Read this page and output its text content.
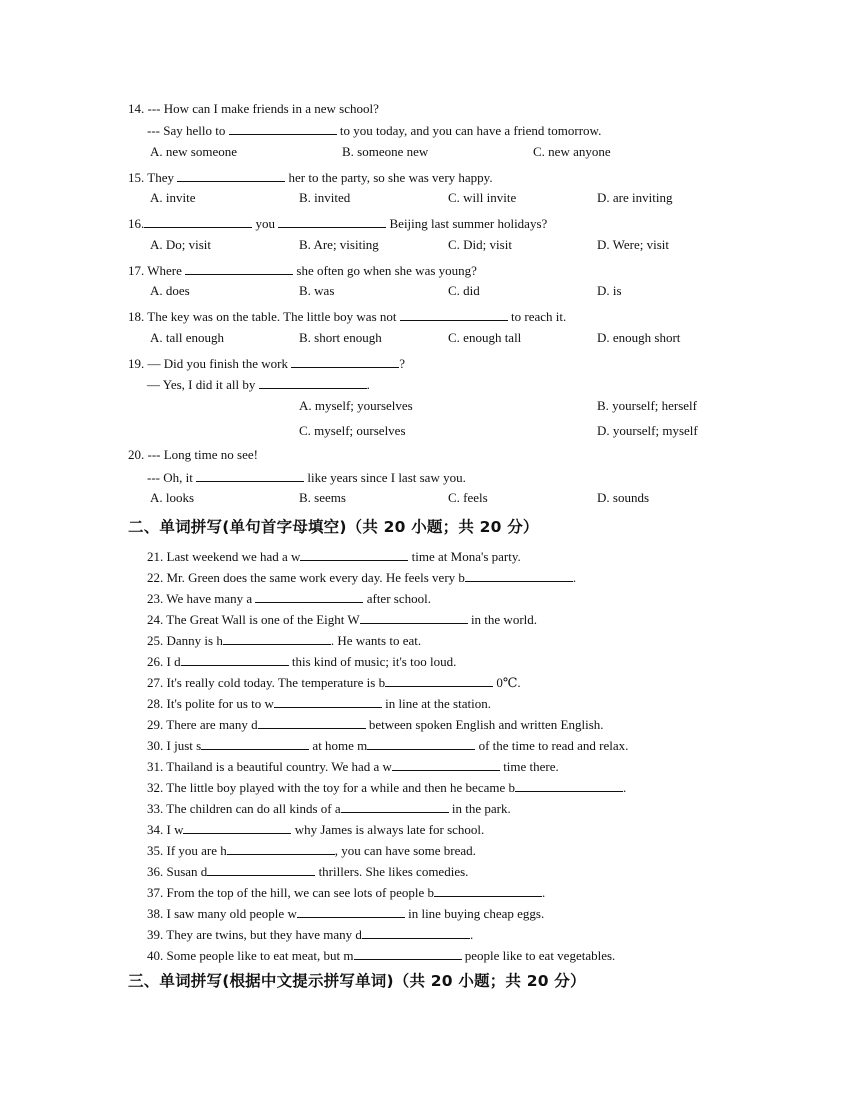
14. --- How can I make friends in a new school?
--- Say hello to	to you today, and you can have a friend tomorrow.
A. new someone	B. someone new	C. new anyone
15. They	her to the party, so she was very happy.
A. invite	B. invited	C. will invite	D. are inviting
16.	you	Beijing last summer holidays?
A. Do; visit	B. Are; visiting	C. Did; visit	D. Were; visit
17. Where	she often go when she was young?
A. does	B. was	C. did	D. is
18. The key was on the table. The little boy was not	to reach it.
A. tall enough	B. short enough	C. enough tall	D. enough short
19. — Did you finish the work	?
— Yes, I did it all by	.
A. myself; yourselves	B. yourself; herself
C. myself; ourselves	D. yourself; myself
20. --- Long time no see!
--- Oh, it	like years since I last saw you.
A. looks	B. seems	C. feels	D. sounds
二、单词拼写(单句首字母填空)（共 20 小题；共 20 分）
21. Last weekend we had a w	time at Mona's party.
22. Mr. Green does the same work every day. He feels very b	.
23. We have many a	after school.
24. The Great Wall is one of the Eight W	in the world.
25. Danny is h	. He wants to eat.
26. I d	this kind of music; it's too loud.
27. It's really cold today. The temperature is b	0℃.
28. It's polite for us to w	in line at the station.
29. There are many d	between spoken English and written English.
30. I just s	at home m	of the time to read and relax.
31. Thailand is a beautiful country. We had a w	time there.
32. The little boy played with the toy for a while and then he became b	.
33. The children can do all kinds of a	in the park.
34. I w	why James is always late for school.
35. If you are h	, you can have some bread.
36. Susan d	thrillers. She likes comedies.
37. From the top of the hill, we can see lots of people b	.
38. I saw many old people w	in line buying cheap eggs.
39. They are twins, but they have many d	.
40. Some people like to eat meat, but m	people like to eat vegetables.
三、单词拼写(根据中文提示拼写单词)（共 20 小题；共 20 分）
